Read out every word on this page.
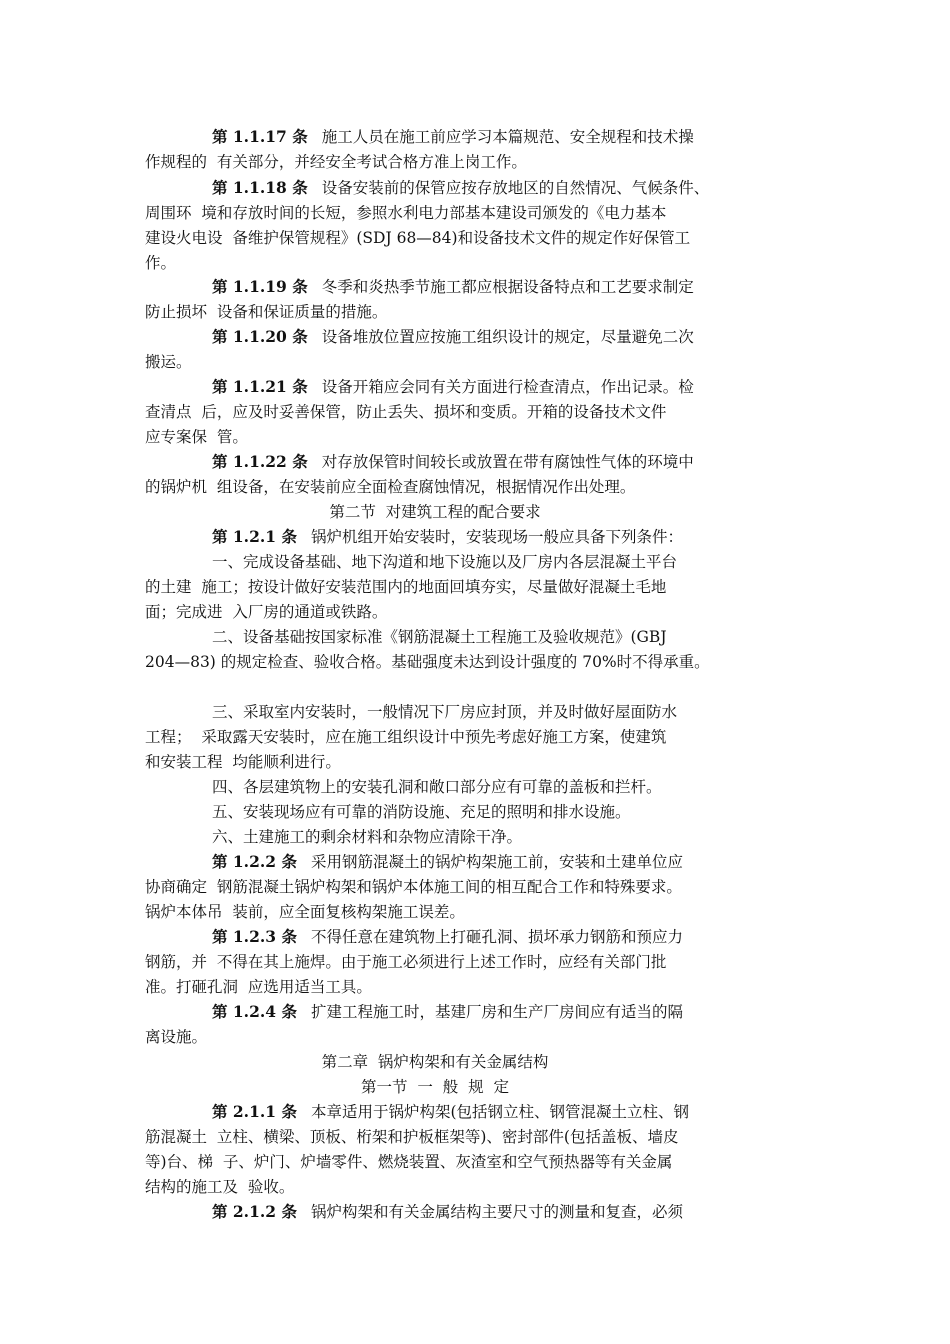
第 1.1.17 条 施工人员在施工前应学习本篇规范、安全规程和技术操
作规程的  有关部分，并经安全考试合格方准上岗工作。
第 1.1.18 条 设备安装前的保管应按存放地区的自然情况、气候条件、
周围环  境和存放时间的长短，参照水利电力部基本建设司颁发的《电力基本
建设火电设  备维护保管规程》(SDJ 68—84)和设备技术文件的规定作好保管工
作。
第 1.1.19 条 冬季和炎热季节施工都应根据设备特点和工艺要求制定
防止损坏  设备和保证质量的措施。
第 1.1.20 条 设备堆放位置应按施工组织设计的规定，尽量避免二次
搬运。
第 1.1.21 条 设备开箱应会同有关方面进行检查清点，作出记录。检
查清点  后，应及时妥善保管，防止丢失、损坏和变质。开箱的设备技术文件
应专案保  管。
第 1.1.22 条 对存放保管时间较长或放置在带有腐蚀性气体的环境中
的锅炉机  组设备，在安装前应全面检查腐蚀情况，根据情况作出处理。
第二节  对建筑工程的配合要求
第 1.2.1 条 锅炉机组开始安装时，安装现场一般应具备下列条件：
一、完成设备基础、地下沟道和地下设施以及厂房内各层混凝土平台
的土建  施工；按设计做好安装范围内的地面回填夯实，尽量做好混凝土毛地
面；完成进  入厂房的通道或铁路。
二、设备基础按国家标准《钢筋混凝土工程施工及验收规范》(GBJ
204—83) 的规定检查、验收合格。基础强度未达到设计强度的 70%时不得承重。
三、采取室内安装时，一般情况下厂房应封顶，并及时做好屋面防水
工程；  采取露天安装时，应在施工组织设计中预先考虑好施工方案，使建筑
和安装工程  均能顺利进行。
四、各层建筑物上的安装孔洞和敞口部分应有可靠的盖板和拦杆。
五、安装现场应有可靠的消防设施、充足的照明和排水设施。
六、土建施工的剩余材料和杂物应清除干净。
第 1.2.2 条 采用钢筋混凝土的锅炉构架施工前，安装和土建单位应
协商确定  钢筋混凝土锅炉构架和锅炉本体施工间的相互配合工作和特殊要求。
锅炉本体吊  装前，应全面复核构架施工误差。
第 1.2.3 条 不得任意在建筑物上打砸孔洞、损坏承力钢筋和预应力
钢筋，并  不得在其上施焊。由于施工必须进行上述工作时，应经有关部门批
准。打砸孔洞  应选用适当工具。
第 1.2.4 条 扩建工程施工时，基建厂房和生产厂房间应有适当的隔
离设施。
第二章  锅炉构架和有关金属结构
第一节  一  般  规  定
第 2.1.1 条 本章适用于锅炉构架(包括钢立柱、钢管混凝土立柱、钢
筋混凝土  立柱、横梁、顶板、桁架和护板框架等)、密封部件(包括盖板、墙皮
等)台、梯  子、炉门、炉墙零件、燃烧装置、灰渣室和空气预热器等有关金属
结构的施工及  验收。
第 2.1.2 条 锅炉构架和有关金属结构主要尺寸的测量和复查，必须
